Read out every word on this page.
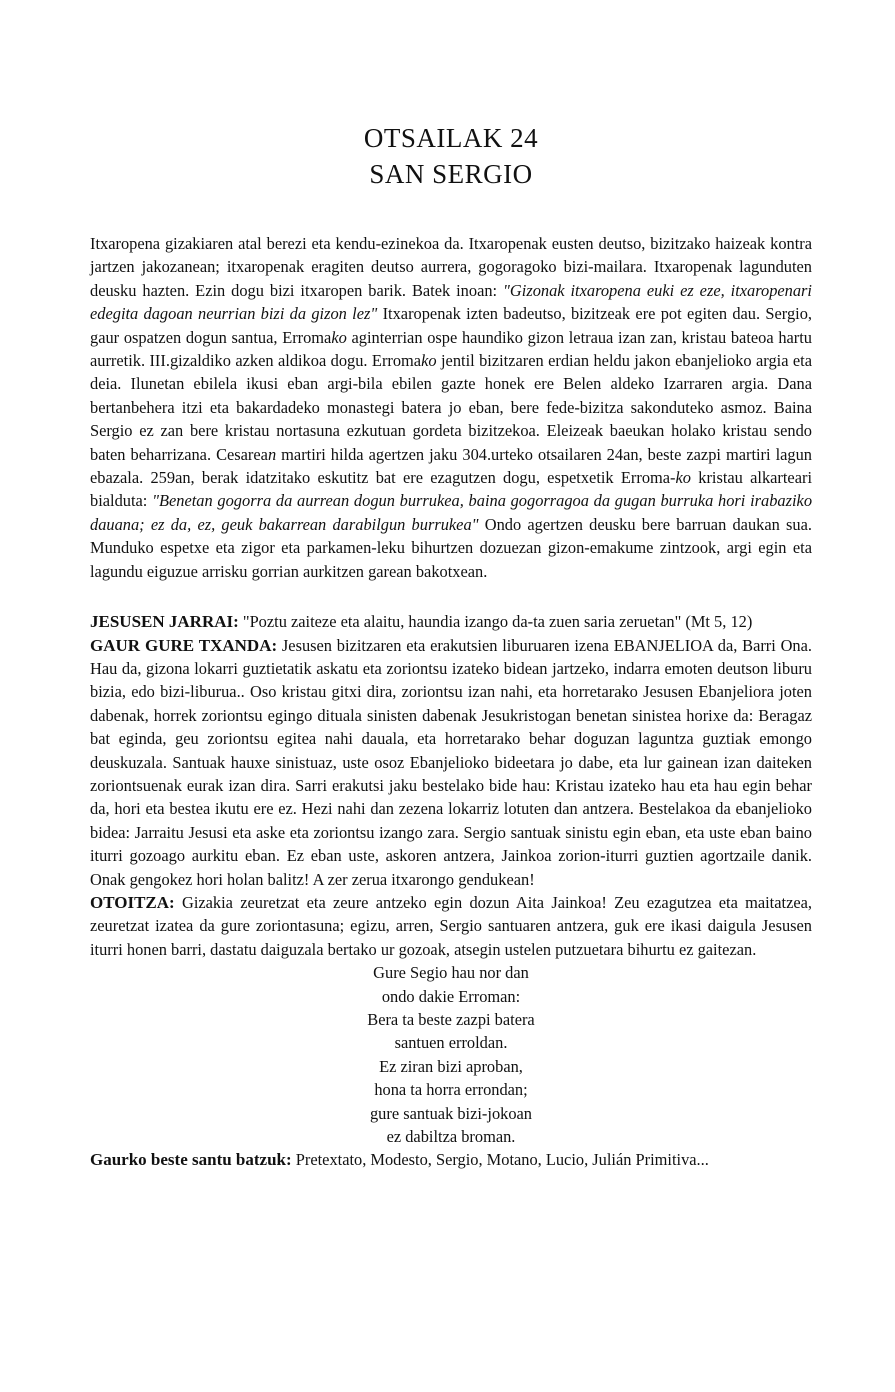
OTSAILAK 24
SAN SERGIO

Itxaropena gizakiaren atal berezi eta kendu-ezinekoa da. Itxaropenak eusten deutso, bizitzako haizeak kontra jartzen jakozanean; itxaropenak eragiten deutso aurrera, gogoragoko bizi-mailara. Itxaropenak lagunduten deusku hazten. Ezin dogu bizi itxaropen barik. Batek inoan: "Gizonak itxaropena euki ez eze, itxaropenari edegita dagoan neurrian bizi da gizon lez" Itxaropenak izten badeutso, bizitzeak ere pot egiten dau. Sergio, gaur ospatzen dogun santua, Erromako aginterrian ospe haundiko gizon letraua izan zan, kristau bateoa hartu aurretik. III.gizaldiko azken aldikoa dogu. Erromako jentil bizitzaren erdian heldu jakon ebanjelioko argia eta deia. Ilunetan ebilela ikusi eban argi-bila ebilen gazte honek ere Belen aldeko Izarraren argia. Dana bertanbehera itzi eta bakardadeko monastegi batera jo eban, bere fede-bizitza sakonduteko asmoz. Baina Sergio ez zan bere kristau nortasuna ezkutuan gordeta bizitzekoa. Eleizeak baeukan holako kristau sendo baten beharrizana. Cesarean martiri hilda agertzen jaku 304.urteko otsailaren 24an, beste zazpi martiri lagun ebazala. 259an, berak idatzitako eskutitz bat ere ezagutzen dogu, espetxetik Erroma-ko kristau alkarteari bialduta: "Benetan gogorra da aurrean dogun burrukea, baina gogorragoa da gugan burruka hori irabaziko dauana; ez da, ez, geuk bakarrean darabilgun burrukea" Ondo agertzen deusku bere barruan daukan sua. Munduko espetxe eta zigor eta parkamen-leku bihurtzen dozuezan gizon-emakume zintzook, argi egin eta lagundu eiguzue arrisku gorrian aurkitzen garean bakotxean.

JESUSEN JARRAI: "Poztu zaiteze eta alaitu, haundia izango da-ta zuen saria zeruetan" (Mt 5, 12)

GAUR GURE TXANDA: Jesusen bizitzaren eta erakutsien liburuaren izena EBANJELIOA da, Barri Ona. Hau da, gizona lokarri guztietatik askatu eta zoriontsu izateko bidean jartzeko, indarra emoten deutson liburu bizia, edo bizi-liburua.. Oso kristau gitxi dira, zoriontsu izan nahi, eta horretarako Jesusen Ebanjeliora joten dabenak, horrek zoriontsu egingo dituala sinisten dabenak Jesukristogan benetan sinistea horixe da: Beragaz bat eginda, geu zoriontsu egitea nahi dauala, eta horretarako behar doguzan laguntza guztiak emongo deuskuzala. Santuak hauxe sinistuaz, uste osoz Ebanjelioko bideetara jo dabe, eta lur gainean izan daiteken zoriontsuenak eurak izan dira. Sarri erakutsi jaku bestelako bide hau: Kristau izateko hau eta hau egin behar da, hori eta bestea ikutu ere ez. Hezi nahi dan zezena lokarriz lotuten dan antzera. Bestelakoa da ebanjelioko bidea: Jarraitu Jesusi eta aske eta zoriontsu izango zara. Sergio santuak sinistu egin eban, eta uste eban baino iturri gozoago aurkitu eban. Ez eban uste, askoren antzera, Jainkoa zorion-iturri guztien agortzaile danik. Onak gengokez hori holan balitz! A zer zerua itxarongo gendukean!

OTOITZA: Gizakia zeuretzat eta zeure antzeko egin dozun Aita Jainkoa! Zeu ezagutzea eta maitatzea, zeuretzat izatea da gure zoriontasuna; egizu, arren, Sergio santuaren antzera, guk ere ikasi daigula Jesusen iturri honen barri, dastatu daiguzala bertako ur gozoak, atsegin ustelen putzuetara bihurtu ez gaitezan.

Gure Segio hau nor dan
ondo dakie Erroman:
Bera ta beste zazpi batera
santuen erroldan.
Ez ziran bizi aproban,
hona ta horra errondan;
gure santuak bizi-jokoan
ez dabiltza broman.

Gaurko beste santu batzuk: Pretextato, Modesto, Sergio, Motano, Lucio, Julián Primitiva...
